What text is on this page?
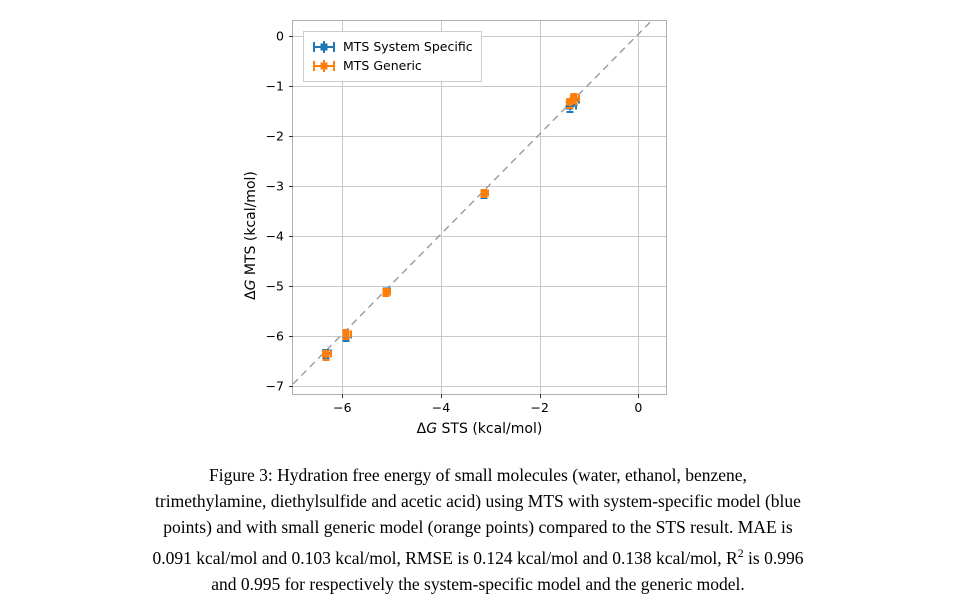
−6	−4	−2	0
0
−1
−2
−3
−4
−5
−6
−7
MTS System Specific
MTS Generic
ΔG STS (kcal/mol)
ΔG MTS (kcal/mol)
Figure 3: Hydration free energy of small molecules (water, ethanol, benzene,
trimethylamine, diethylsulfide and acetic acid) using MTS with system-specific model (blue
points) and with small generic model (orange points) compared to the STS result. MAE is
0.091 kcal/mol and 0.103 kcal/mol, RMSE is 0.124 kcal/mol and 0.138 kcal/mol, $R^2$ is 0.996
and 0.995 for respectively the system-specific model and the generic model.
